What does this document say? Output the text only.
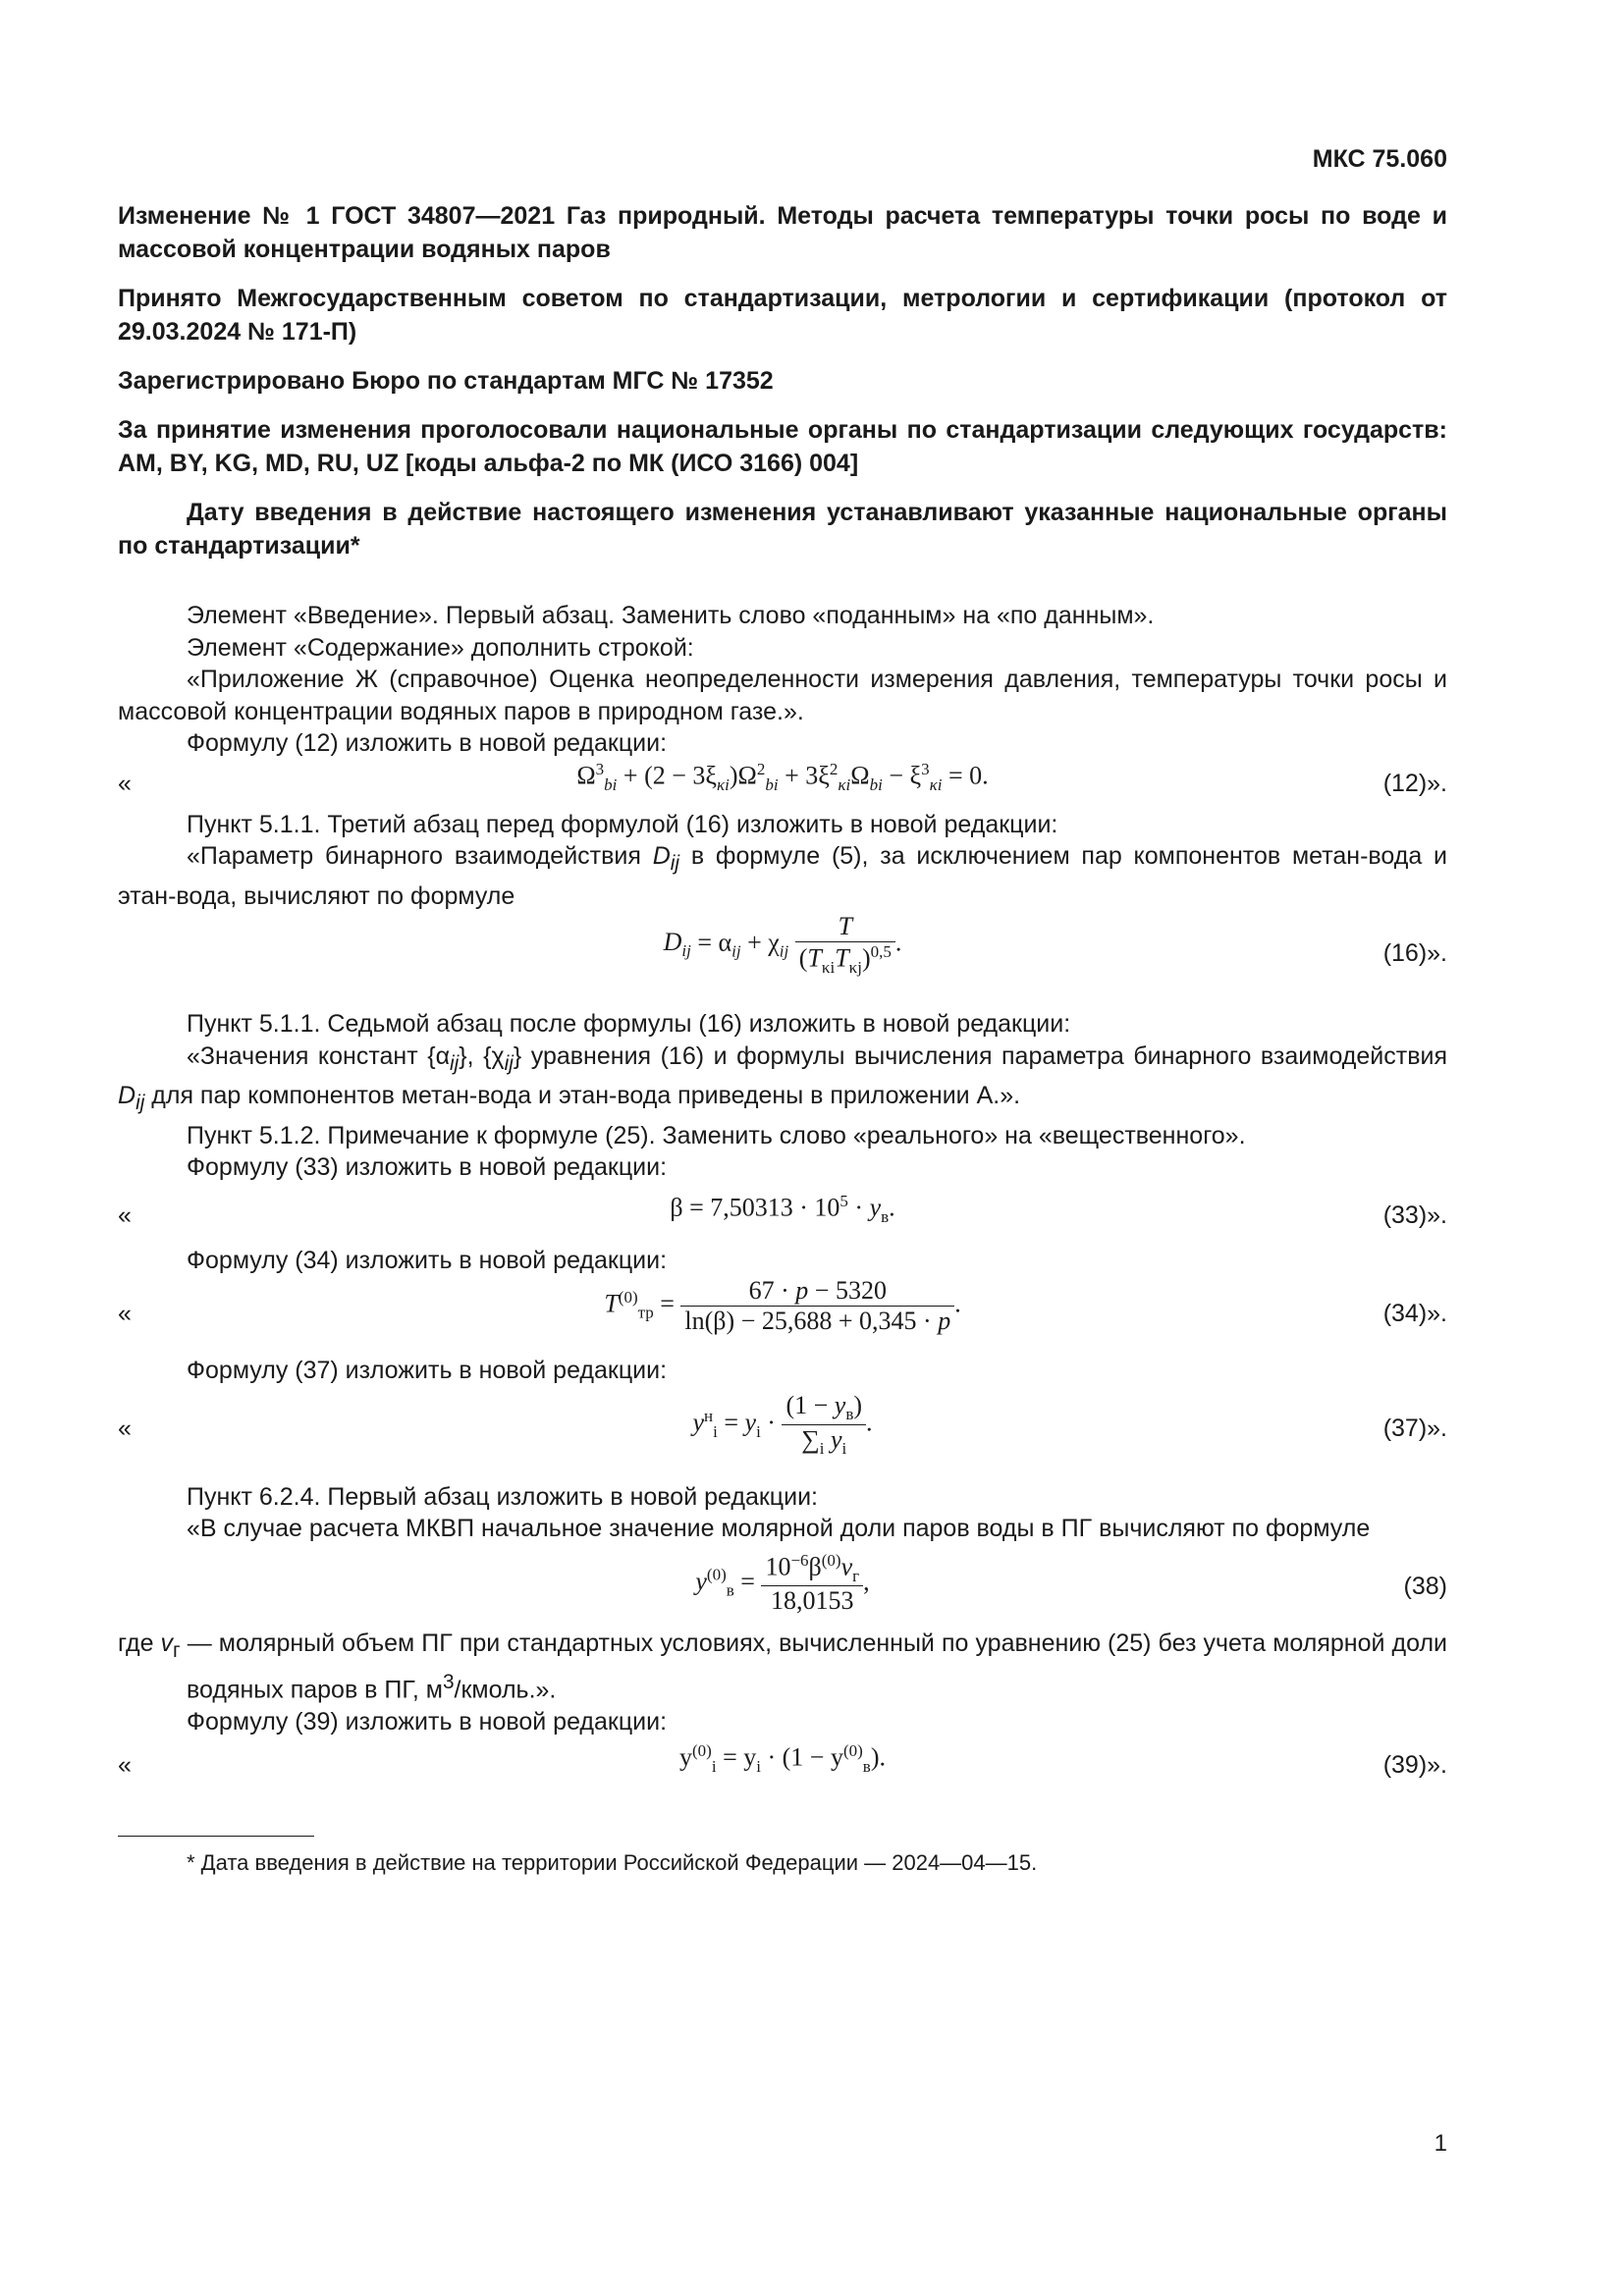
МКС 75.060

Изменение № 1 ГОСТ 34807—2021 Газ природный. Методы расчета температуры точки росы по воде и массовой концентрации водяных паров

Принято Межгосударственным советом по стандартизации, метрологии и сертификации (протокол от 29.03.2024 № 171-П)

Зарегистрировано Бюро по стандартам МГС № 17352

За принятие изменения проголосовали национальные органы по стандартизации следующих государств: AM, BY, KG, MD, RU, UZ [коды альфа-2 по МК (ИСО 3166) 004]

Дату введения в действие настоящего изменения устанавливают указанные национальные органы по стандартизации*

Элемент «Введение». Первый абзац. Заменить слово «поданным» на «по данным».

Элемент «Содержание» дополнить строкой:

«Приложение Ж (справочное) Оценка неопределенности измерения давления, температуры точки росы и массовой концентрации водяных паров в природном газе.».

Формулу (12) изложить в новой редакции:

«	$\Omega^3_{bi} + (2 - 3\xi_{\kappa i})\Omega^2_{bi} + 3\xi^2_{\kappa i}\Omega_{bi} - \xi^3_{\kappa i} = 0$.	(12)».

Пункт 5.1.1. Третий абзац перед формулой (16) изложить в новой редакции:

«Параметр бинарного взаимодействия $D_{ij}$ в формуле (5), за исключением пар компонентов метан-вода и этан-вода, вычисляют по формуле

(16)».
$D_{ij} = \alpha_{ij} + \chi_{ij} \frac{T}{(T_{\kappa i}T_{\kappa j})^{0,5}}$ .

Пункт 5.1.1. Седьмой абзац после формулы (16) изложить в новой редакции:

«Значения констант $\{\alpha_{ij}\}$, $\{\chi_{ij}\}$ уравнения (16) и формулы вычисления параметра бинарного взаимодействия $D_{ij}$ для пар компонентов метан-вода и этан-вода приведены в приложении А.».

Пункт 5.1.2. Примечание к формуле (25). Заменить слово «реального» на «вещественного».

Формулу (33) изложить в новой редакции:

«	$\beta = 7,50313 \cdot 10^5 \cdot y_в$.	(33)».

Формулу (34) изложить в новой редакции:

«	$T^{(0)}_{тр} = \frac{67 \cdot p - 5320}{\ln(\beta) - 25,688 + 0,345 \cdot p}$ .	(34)».

Формулу (37) изложить в новой редакции:

«	$y^н_i = y_i \cdot \frac{(1 - y_в)}{\sum_i y_i}$ .	(37)».

Пункт 6.2.4. Первый абзац изложить в новой редакции:

«В случае расчета МКВП начальное значение молярной доли паров воды в ПГ вычисляют по формуле

$y^{(0)}_в = \frac{10^{-6}\beta^{(0)}v_г}{18,0153}$ ,	(38)

где $v_г$ — молярный объем ПГ при стандартных условиях, вычисленный по уравнению (25) без учета молярной доли водяных паров в ПГ, $м^3$/кмоль.».

Формулу (39) изложить в новой редакции:

«	$y^{(0)}_i = y_i \cdot (1 - y^{(0)}_в)$.	(39)».

* Дата введения в действие на территории Российской Федерации — 2024—04—15.

1
